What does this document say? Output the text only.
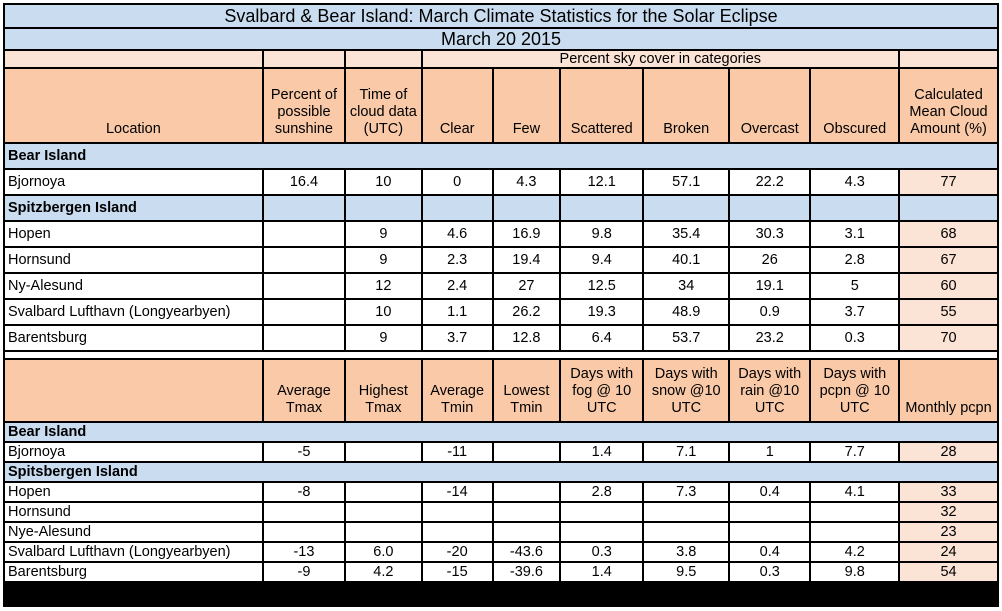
Svalbard & Bear Island: March Climate Statistics for the Solar Eclipse									
March 20 2015									
			Percent sky cover in categories						
Location	Percent of possible sunshine	Time of cloud data (UTC)	Clear	Few	Scattered	Broken	Overcast	Obscured	Calculated Mean Cloud Amount (%)
Bear Island									
Bjornoya	16.4	10	0	4.3	12.1	57.1	22.2	4.3	77
Spitzbergen Island									
Hopen		9	4.6	16.9	9.8	35.4	30.3	3.1	68
Hornsund		9	2.3	19.4	9.4	40.1	26	2.8	67
Ny-Alesund		12	2.4	27	12.5	34	19.1	5	60
Svalbard Lufthavn (Longyearbyen)		10	1.1	26.2	19.3	48.9	0.9	3.7	55
Barentsburg		9	3.7	12.8	6.4	53.7	23.2	0.3	70

	Average Tmax	Highest Tmax	Average Tmin	Lowest Tmin	Days with fog @ 10 UTC	Days with snow @10 UTC	Days with rain @10 UTC	Days with pcpn @ 10 UTC	Monthly pcpn
Bear Island									
Bjornoya	-5		-11		1.4	7.1	1	7.7	28
Spitsbergen Island									
Hopen	-8		-14		2.8	7.3	0.4	4.1	33
Hornsund									32
Nye-Alesund									23
Svalbard Lufthavn (Longyearbyen)	-13	6.0	-20	-43.6	0.3	3.8	0.4	4.2	24
Barentsburg	-9	4.2	-15	-39.6	1.4	9.5	0.3	9.8	54
